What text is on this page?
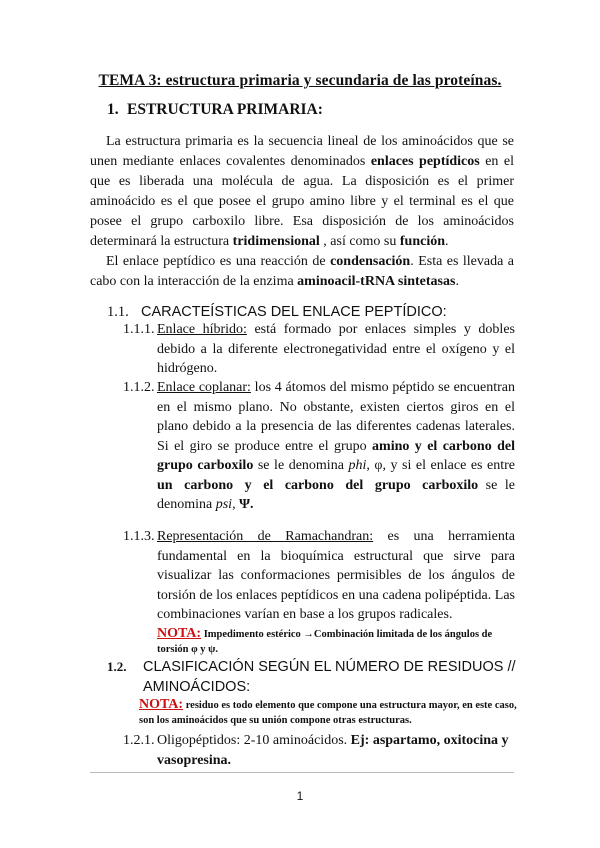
TEMA 3: estructura primaria y secundaria de las proteínas.
1. ESTRUCTURA PRIMARIA:
La estructura primaria es la secuencia lineal de los aminoácidos que se unen mediante enlaces covalentes denominados enlaces peptídicos en el que es liberada una molécula de agua. La disposición es el primer aminoácido es el que posee el grupo amino libre y el terminal es el que posee el grupo carboxilo libre. Esa disposición de los aminoácidos determinará la estructura tridimensional , así como su función.
El enlace peptídico es una reacción de condensación. Esta es llevada a cabo con la interacción de la enzima aminoacil-tRNA sintetasas.
1.1. CARACTEÍSTICAS DEL ENLACE PEPTÍDICO:
1.1.1. Enlace híbrido: está formado por enlaces simples y dobles debido a la diferente electronegatividad entre el oxígeno y el hidrógeno.
1.1.2. Enlace coplanar: los 4 átomos del mismo péptido se encuentran en el mismo plano. No obstante, existen ciertos giros en el plano debido a la presencia de las diferentes cadenas laterales. Si el giro se produce entre el grupo amino y el carbono del grupo carboxilo se le denomina phi, φ, y si el enlace es entre un carbono y el carbono del grupo carboxilo se le denomina psi, Ψ.
1.1.3. Representación de Ramachandran: es una herramienta fundamental en la bioquímica estructural que sirve para visualizar las conformaciones permisibles de los ángulos de torsión de los enlaces peptídicos en una cadena polipéptida. Las combinaciones varían en base a los grupos radicales.
NOTA: Impedimento estérico →Combinación limitada de los ángulos de torsión φ y ψ.
1.2. CLASIFICACIÓN SEGÚN EL NÚMERO DE RESIDUOS // AMINOÁCIDOS:
NOTA: residuo es todo elemento que compone una estructura mayor, en este caso, son los aminoácidos que su unión compone otras estructuras.
1.2.1. Oligopéptidos: 2-10 aminoácidos. Ej: aspartamo, oxitocina y vasopresina.
1
